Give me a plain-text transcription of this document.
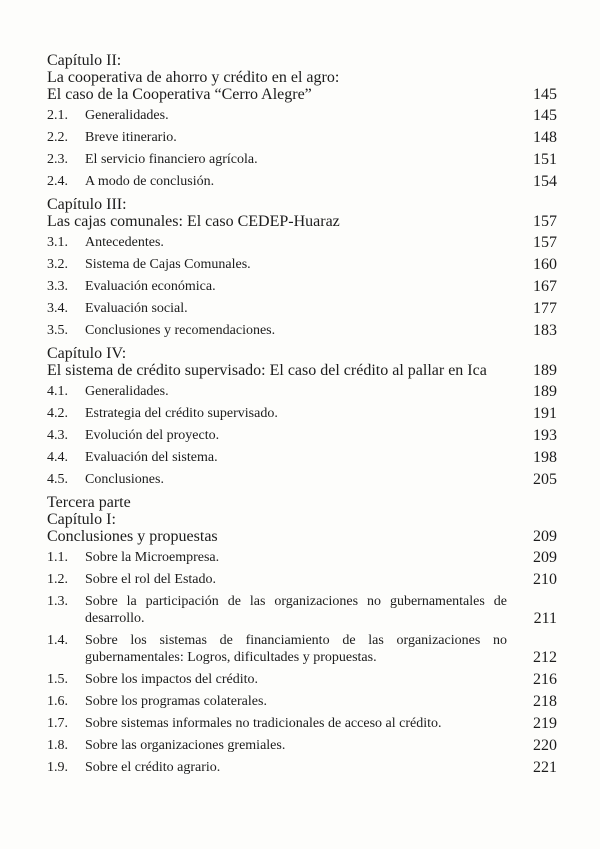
Capítulo II:
La cooperativa de ahorro y crédito en el agro:
El caso de la Cooperativa “Cerro Alegre”	145
2.1.	Generalidades.	145
2.2.	Breve itinerario.	148
2.3.	El servicio financiero agrícola.	151
2.4.	A modo de conclusión.	154
Capítulo III:
Las cajas comunales: El caso CEDEP-Huaraz	157
3.1.	Antecedentes.	157
3.2.	Sistema de Cajas Comunales.	160
3.3.	Evaluación económica.	167
3.4.	Evaluación social.	177
3.5.	Conclusiones y recomendaciones.	183
Capítulo IV:
El sistema de crédito supervisado: El caso del crédito al pallar en Ica	189
4.1.	Generalidades.	189
4.2.	Estrategia del crédito supervisado.	191
4.3.	Evolución del proyecto.	193
4.4.	Evaluación del sistema.	198
4.5.	Conclusiones.	205
Tercera parte
Capítulo I:
Conclusiones y propuestas	209
1.1.	Sobre la Microempresa.	209
1.2.	Sobre el rol del Estado.	210
1.3.	Sobre la participación de las organizaciones no gubernamentales de desarrollo.	211
1.4.	Sobre los sistemas de financiamiento de las organizaciones no gubernamentales: Logros, dificultades y propuestas.	212
1.5.	Sobre los impactos del crédito.	216
1.6.	Sobre los programas colaterales.	218
1.7.	Sobre sistemas informales no tradicionales de acceso al crédito.	219
1.8.	Sobre las organizaciones gremiales.	220
1.9.	Sobre el crédito agrario.	221
